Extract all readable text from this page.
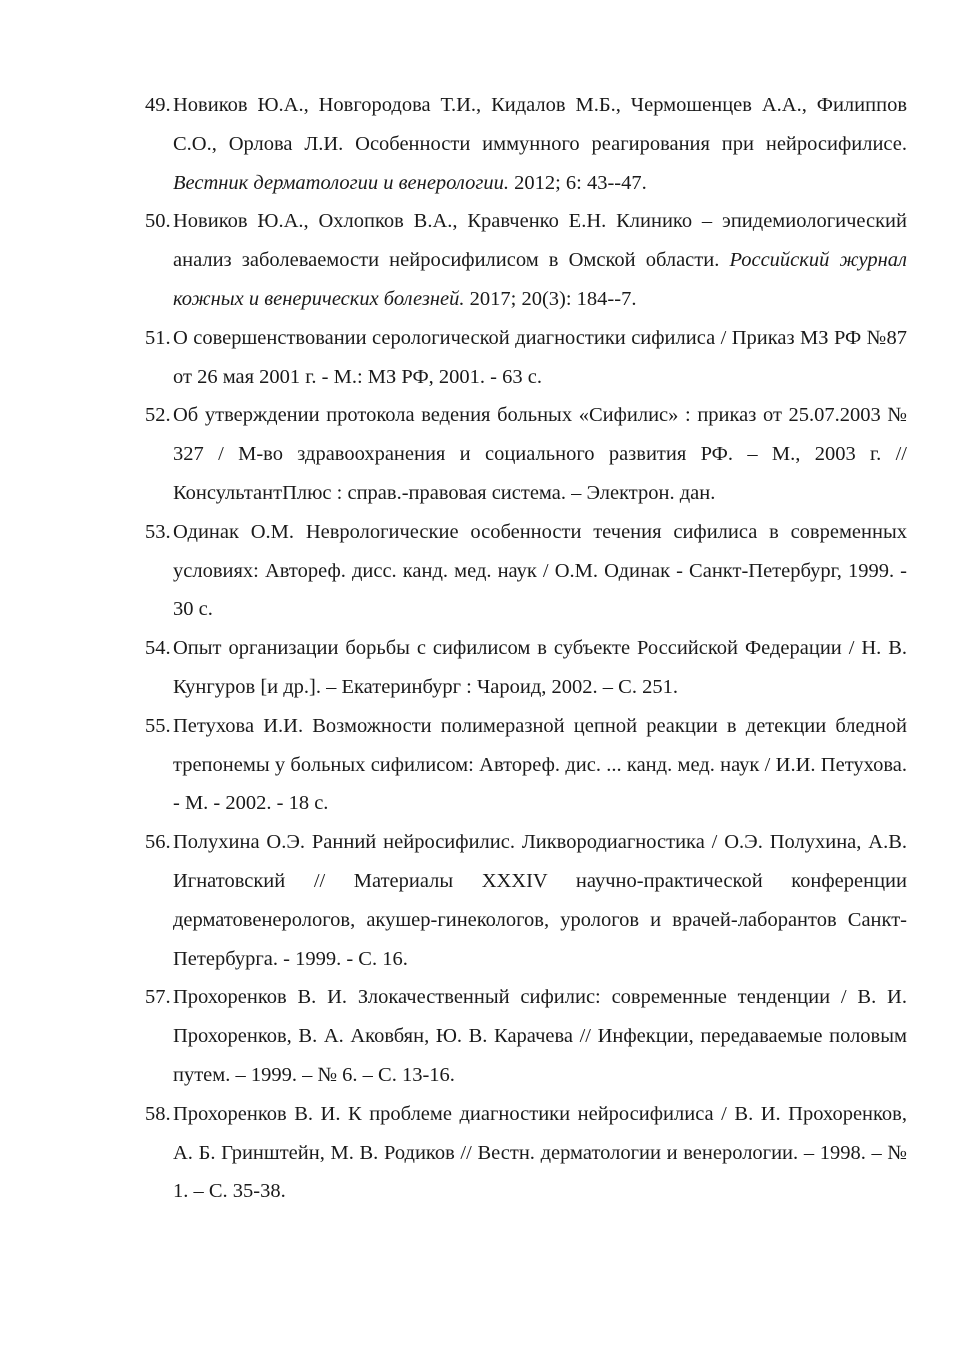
49. Новиков Ю.А., Новгородова Т.И., Кидалов М.Б., Чермошенцев А.А., Филиппов С.О., Орлова Л.И. Особенности иммунного реагирования при нейросифилисе. Вестник дерматологии и венерологии. 2012; 6: 43--47.
50. Новиков Ю.А., Охлопков В.А., Кравченко Е.Н. Клинико – эпидемиологический анализ заболеваемости нейросифилисом в Омской области. Российский журнал кожных и венерических болезней. 2017; 20(3): 184--7.
51. О совершенствовании серологической диагностики сифилиса / Приказ МЗ РФ №87 от 26 мая 2001 г. - М.: МЗ РФ, 2001. - 63 с.
52. Об утверждении протокола ведения больных «Сифилис» : приказ от 25.07.2003 № 327 / М-во здравоохранения и социального развития РФ. – М., 2003 г. // КонсультантПлюс : справ.-правовая система. – Электрон. дан.
53. Одинак О.М. Неврологические особенности течения сифилиса в современных условиях: Автореф. дисс. канд. мед. наук / О.М. Одинак - Санкт-Петербург, 1999. - 30 с.
54. Опыт организации борьбы с сифилисом в субъекте Российской Федерации / Н. В. Кунгуров [и др.]. – Екатеринбург : Чароид, 2002. – С. 251.
55. Петухова И.И. Возможности полимеразной цепной реакции в детекции бледной трепонемы у больных сифилисом: Автореф. дис. ... канд. мед. наук / И.И. Петухова. - М. - 2002. - 18 с.
56. Полухина О.Э. Ранний нейросифилис. Ликвородиагностика / О.Э. Полухина, А.В. Игнатовский // Материалы XXXIV научно-практической конференции дерматовенерологов, акушер-гинекологов, урологов и врачей-лаборантов Санкт-Петербурга. - 1999. - С. 16.
57. Прохоренков В. И. Злокачественный сифилис: современные тенденции / В. И. Прохоренков, В. А. Аковбян, Ю. В. Карачева // Инфекции, передаваемые половым путем. – 1999. – № 6. – С. 13-16.
58. Прохоренков В. И. К проблеме диагностики нейросифилиса / В. И. Прохоренков, А. Б. Гринштейн, М. В. Родиков // Вестн. дерматологии и венерологии. – 1998. – № 1. – С. 35-38.
